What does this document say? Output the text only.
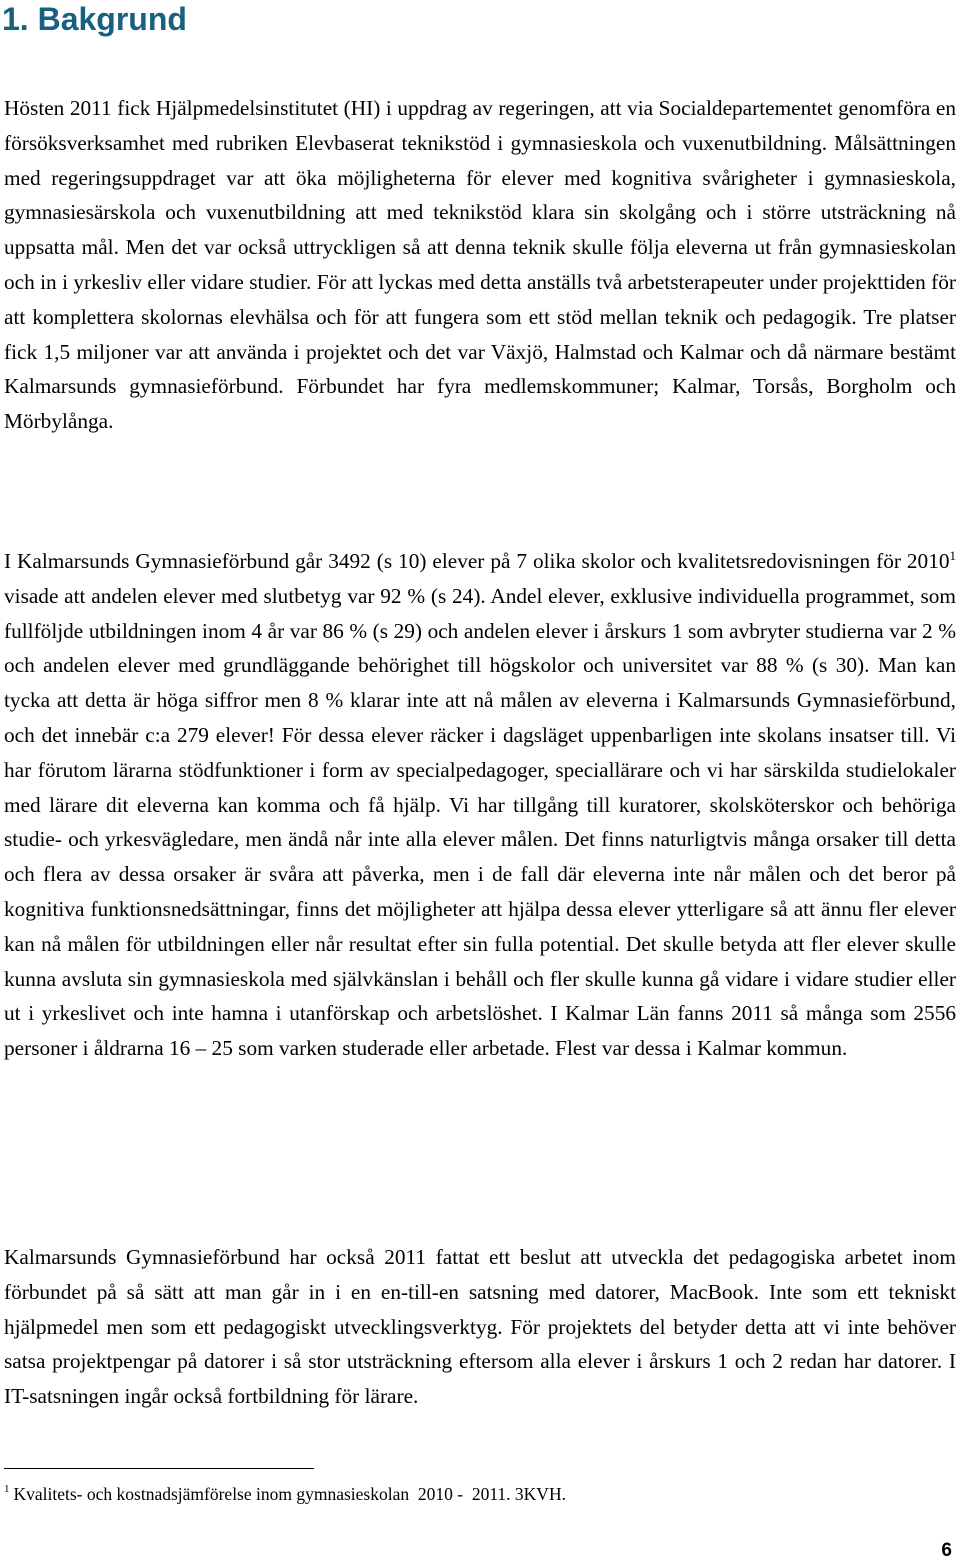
1. Bakgrund

Hösten 2011 fick Hjälpmedelsinstitutet (HI) i uppdrag av regeringen, att via Socialdepartementet genomföra en försöksverksamhet med rubriken Elevbaserat teknikstöd i gymnasieskola och vuxenutbildning. Målsättningen med regeringsuppdraget var att öka möjligheterna för elever med kognitiva svårigheter i gymnasieskola, gymnasiesärskola och vuxenutbildning att med teknikstöd klara sin skolgång och i större utsträckning nå uppsatta mål. Men det var också uttryckligen så att denna teknik skulle följa eleverna ut från gymnasieskolan och in i yrkesliv eller vidare studier. För att lyckas med detta anställs två arbetsterapeuter under projekttiden för att komplettera skolornas elevhälsa och för att fungera som ett stöd mellan teknik och pedagogik. Tre platser fick 1,5 miljoner var att använda i projektet och det var Växjö, Halmstad och Kalmar och då närmare bestämt Kalmarsunds gymnasieförbund. Förbundet har fyra medlemskommuner; Kalmar, Torsås, Borgholm och Mörbylånga.

I Kalmarsunds Gymnasieförbund går 3492 (s 10) elever på 7 olika skolor och kvalitetsredovisningen för 2010$^1$ visade att andelen elever med slutbetyg var 92 % (s 24). Andel elever, exklusive individuella programmet, som fullföljde utbildningen inom 4 år var 86 % (s 29) och andelen elever i årskurs 1 som avbryter studierna var 2 % och andelen elever med grundläggande behörighet till högskolor och universitet var 88 % (s 30). Man kan tycka att detta är höga siffror men 8 % klarar inte att nå målen av eleverna i Kalmarsunds Gymnasieförbund, och det innebär c:a 279 elever! För dessa elever räcker i dagsläget uppenbarligen inte skolans insatser till. Vi har förutom lärarna stödfunktioner i form av specialpedagoger, speciallärare och vi har särskilda studielokaler med lärare dit eleverna kan komma och få hjälp. Vi har tillgång till kuratorer, skolsköterskor och behöriga studie- och yrkesvägledare, men ändå når inte alla elever målen. Det finns naturligtvis många orsaker till detta och flera av dessa orsaker är svåra att påverka, men i de fall där eleverna inte når målen och det beror på kognitiva funktionsnedsättningar, finns det möjligheter att hjälpa dessa elever ytterligare så att ännu fler elever kan nå målen för utbildningen eller når resultat efter sin fulla potential. Det skulle betyda att fler elever skulle kunna avsluta sin gymnasieskola med självkänslan i behåll och fler skulle kunna gå vidare i vidare studier eller ut i yrkeslivet och inte hamna i utanförskap och arbetslöshet. I Kalmar Län fanns 2011 så många som 2556 personer i åldrarna 16 – 25 som varken studerade eller arbetade. Flest var dessa i Kalmar kommun.

Kalmarsunds Gymnasieförbund har också 2011 fattat ett beslut att utveckla det pedagogiska arbetet inom förbundet på så sätt att man går in i en en-till-en satsning med datorer, MacBook. Inte som ett tekniskt hjälpmedel men som ett pedagogiskt utvecklingsverktyg. För projektets del betyder detta att vi inte behöver satsa projektpengar på datorer i så stor utsträckning eftersom alla elever i årskurs 1 och 2 redan har datorer. I IT-satsningen ingår också fortbildning för lärare.

$^1$ Kvalitets- och kostnadsjämförelse inom gymnasieskolan  2010 -  2011. 3KVH.

6
